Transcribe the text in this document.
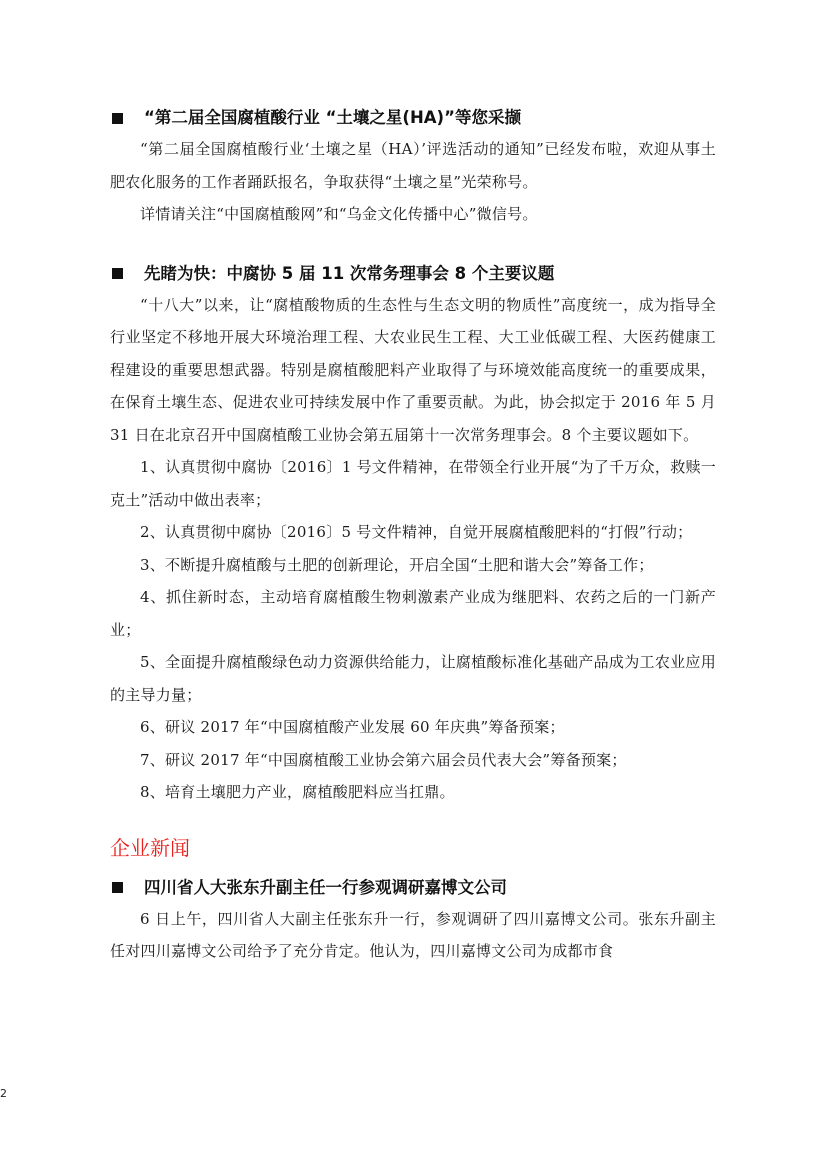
“第二届全国腐植酸行业 “土壤之星(HA)”等您采撷

“第二届全国腐植酸行业‘土壤之星（HA）’评选活动的通知”已经发布啦，欢迎从事土肥农化服务的工作者踊跃报名，争取获得“土壤之星”光荣称号。

详情请关注“中国腐植酸网”和“乌金文化传播中心”微信号。

先睹为快：中腐协 5 届 11 次常务理事会 8 个主要议题

“十八大”以来，让“腐植酸物质的生态性与生态文明的物质性”高度统一，成为指导全行业坚定不移地开展大环境治理工程、大农业民生工程、大工业低碳工程、大医药健康工程建设的重要思想武器。特别是腐植酸肥料产业取得了与环境效能高度统一的重要成果，在保育土壤生态、促进农业可持续发展中作了重要贡献。为此，协会拟定于 2016 年 5 月 31 日在北京召开中国腐植酸工业协会第五届第十一次常务理事会。8 个主要议题如下。

1、认真贯彻中腐协〔2016〕1 号文件精神，在带领全行业开展“为了千万众，救赎一克土”活动中做出表率；

2、认真贯彻中腐协〔2016〕5 号文件精神，自觉开展腐植酸肥料的“打假”行动；

3、不断提升腐植酸与土肥的创新理论，开启全国“土肥和谐大会”筹备工作；

4、抓住新时态，主动培育腐植酸生物刺激素产业成为继肥料、农药之后的一门新产业；

5、全面提升腐植酸绿色动力资源供给能力，让腐植酸标准化基础产品成为工农业应用的主导力量；

6、研议 2017 年“中国腐植酸产业发展 60 年庆典”筹备预案；

7、研议 2017 年“中国腐植酸工业协会第六届会员代表大会”筹备预案；

8、培育土壤肥力产业，腐植酸肥料应当扛鼎。

企业新闻
四川省人大张东升副主任一行参观调研嘉博文公司

6 日上午，四川省人大副主任张东升一行，参观调研了四川嘉博文公司。张东升副主任对四川嘉博文公司给予了充分肯定。他认为，四川嘉博文公司为成都市食

2
